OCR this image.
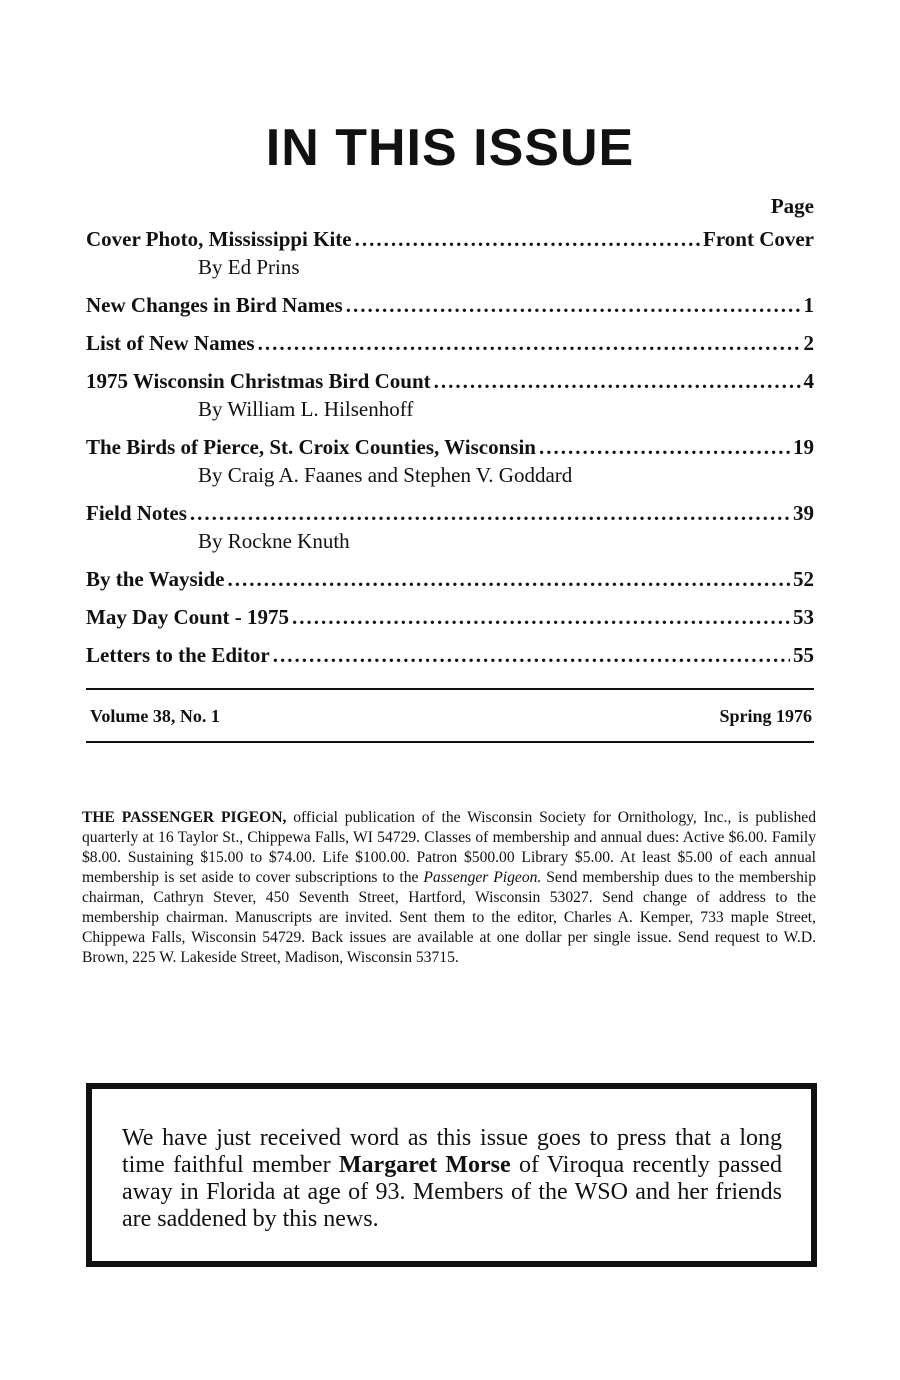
IN THIS ISSUE
Page
Cover Photo, Mississippi Kite .....	Front Cover
By Ed Prins
New Changes in Bird Names .....	1
List of New Names .....	2
1975 Wisconsin Christmas Bird Count .....	4
By William L. Hilsenhoff
The Birds of Pierce, St. Croix Counties, Wisconsin .....	19
By Craig A. Faanes and Stephen V. Goddard
Field Notes .....	39
By Rockne Knuth
By the Wayside .....	52
May Day Count - 1975 .....	53
Letters to the Editor .....	55
Volume 38, No. 1	Spring 1976

THE PASSENGER PIGEON, official publication of the Wisconsin Society for Ornithology, Inc., is published quarterly at 16 Taylor St., Chippewa Falls, WI 54729. Classes of membership and annual dues: Active $6.00. Family $8.00. Sustaining $15.00 to $74.00. Life $100.00. Patron $500.00 Library $5.00. At least $5.00 of each annual membership is set aside to cover subscriptions to the Passenger Pigeon. Send membership dues to the membership chairman, Cathryn Stever, 450 Seventh Street, Hartford, Wisconsin 53027. Send change of address to the membership chairman. Manuscripts are invited. Sent them to the editor, Charles A. Kemper, 733 maple Street, Chippewa Falls, Wisconsin 54729. Back issues are available at one dollar per single issue. Send request to W.D. Brown, 225 W. Lakeside Street, Madison, Wisconsin 53715.

We have just received word as this issue goes to press that a long time faithful member Margaret Morse of Viroqua recently passed away in Florida at age of 93. Members of the WSO and her friends are saddened by this news.
